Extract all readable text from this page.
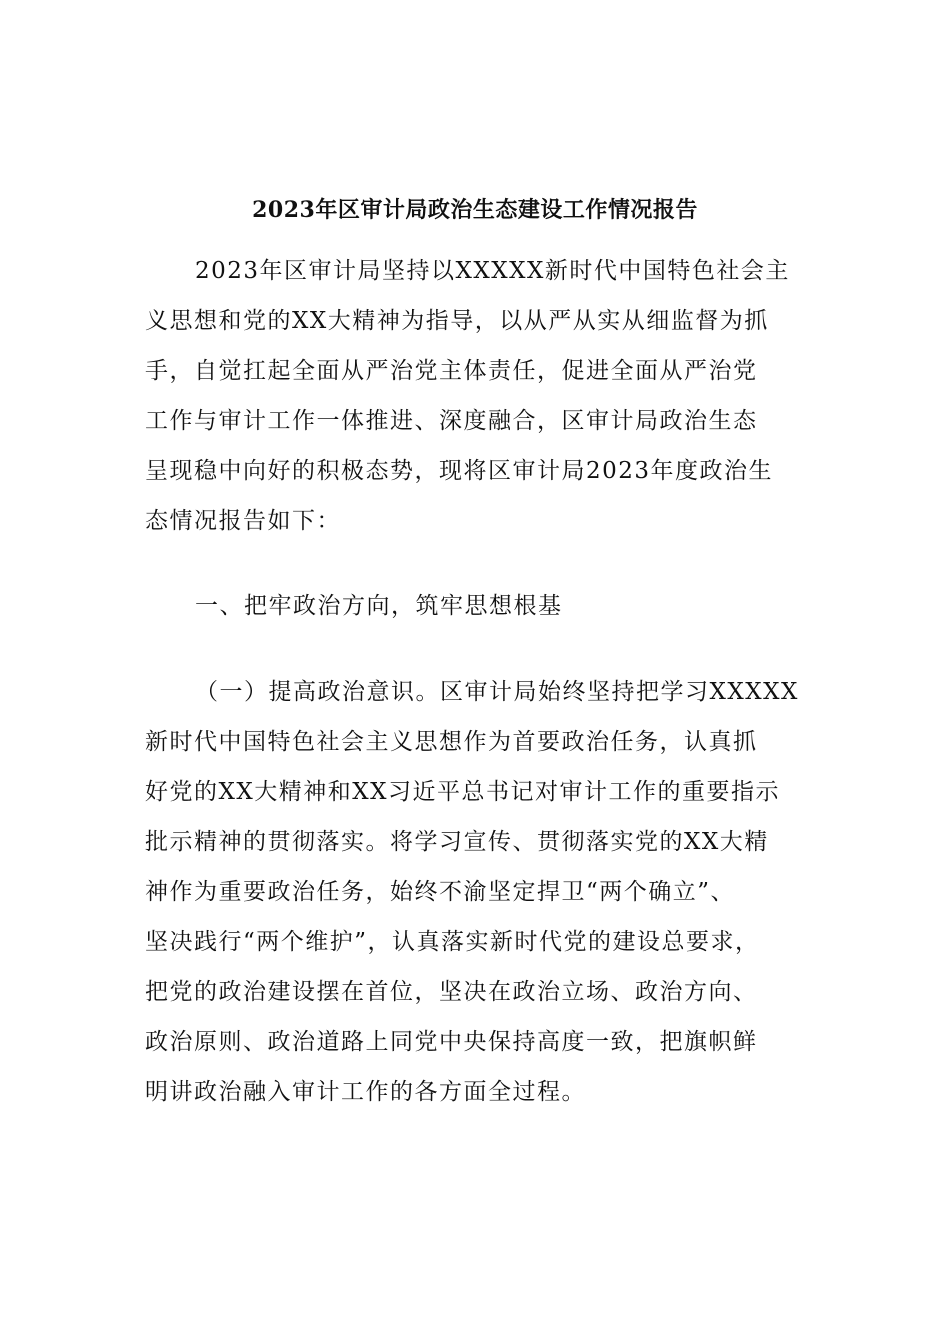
2023年区审计局政治生态建设工作情况报告
2023年区审计局坚持以XXXXX新时代中国特色社会主
义思想和党的XX大精神为指导，以从严从实从细监督为抓
手，自觉扛起全面从严治党主体责任，促进全面从严治党
工作与审计工作一体推进、深度融合，区审计局政治生态
呈现稳中向好的积极态势，现将区审计局2023年度政治生
态情况报告如下：
一、把牢政治方向，筑牢思想根基
（一）提高政治意识。区审计局始终坚持把学习XXXXX
新时代中国特色社会主义思想作为首要政治任务，认真抓
好党的XX大精神和XX习近平总书记对审计工作的重要指示
批示精神的贯彻落实。将学习宣传、贯彻落实党的XX大精
神作为重要政治任务，始终不渝坚定捍卫“两个确立”、
坚决践行“两个维护”，认真落实新时代党的建设总要求，
把党的政治建设摆在首位，坚决在政治立场、政治方向、
政治原则、政治道路上同党中央保持高度一致，把旗帜鲜
明讲政治融入审计工作的各方面全过程。
